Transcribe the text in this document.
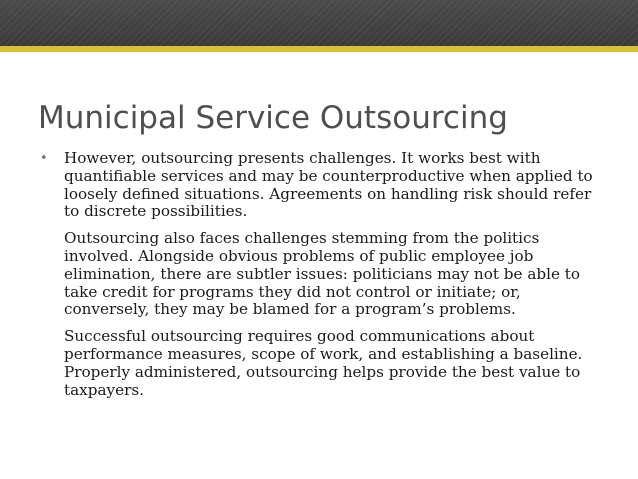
Municipal Service Outsourcing
• However, outsourcing presents challenges. It works best with quantifiable services and may be counterproductive when applied to loosely defined situations. Agreements on handling risk should refer to discrete possibilities.

Outsourcing also faces challenges stemming from the politics involved. Alongside obvious problems of public employee job elimination, there are subtler issues: politicians may not be able to take credit for programs they did not control or initiate; or, conversely, they may be blamed for a program’s problems.

Successful outsourcing requires good communications about performance measures, scope of work, and establishing a baseline. Properly administered, outsourcing helps provide the best value to taxpayers.
